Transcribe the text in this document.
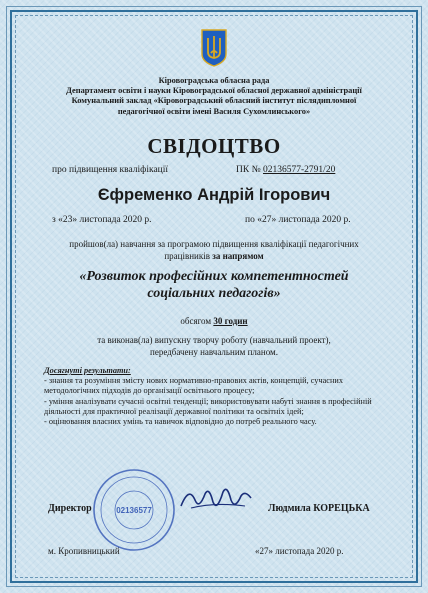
Кіровоградська обласна рада
Департамент освіти і науки Кіровоградської обласної державної адміністрації
Комунальний заклад «Кіровоградський обласний інститут післядипломної
педагогічної освіти імені Василя Сухомлинського»
СВІДОЦТВО
про підвищення кваліфікації	ПК № 02136577-2791/20
Єфременко Андрій Ігорович
з «23» листопада 2020 р.	по «27» листопада 2020 р.
пройшов(ла) навчання за програмою підвищення кваліфікації педагогічних
працівників за напрямом
«Розвиток професійних компетентностей
соціальних педагогів»
обсягом 30 годин
та виконав(ла) випускну творчу роботу (навчальний проект),
передбачену навчальним планом.

Досягнуті результати:

- знання та розуміння змісту нових нормативно-правових актів, концепцій, сучасних методологічних підходів до організації освітнього процесу;

- уміння аналізувати сучасні освітні тенденції; використовувати набуті знання в професійній діяльності для практичної реалізації державної політики та освітніх ідей;

- оцінювання власних умінь та навичок відповідно до потреб реального часу.

02136577
Директор	Людмила КОРЕЦЬКА
м. Кропивницький	«27» листопада 2020 р.
